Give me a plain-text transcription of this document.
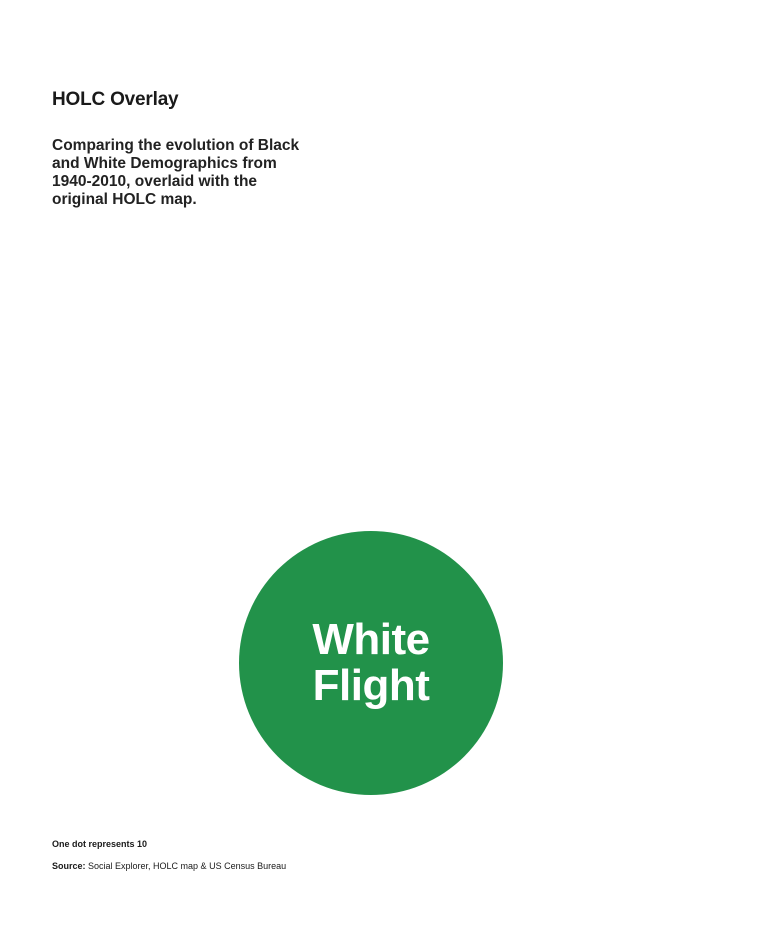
HOLC Overlay

Comparing the evolution of Black and White Demographics from 1940-2010, overlaid with the original HOLC map.

White
Flight

One dot represents 10

Source: Social Explorer, HOLC map & US Census Bureau
